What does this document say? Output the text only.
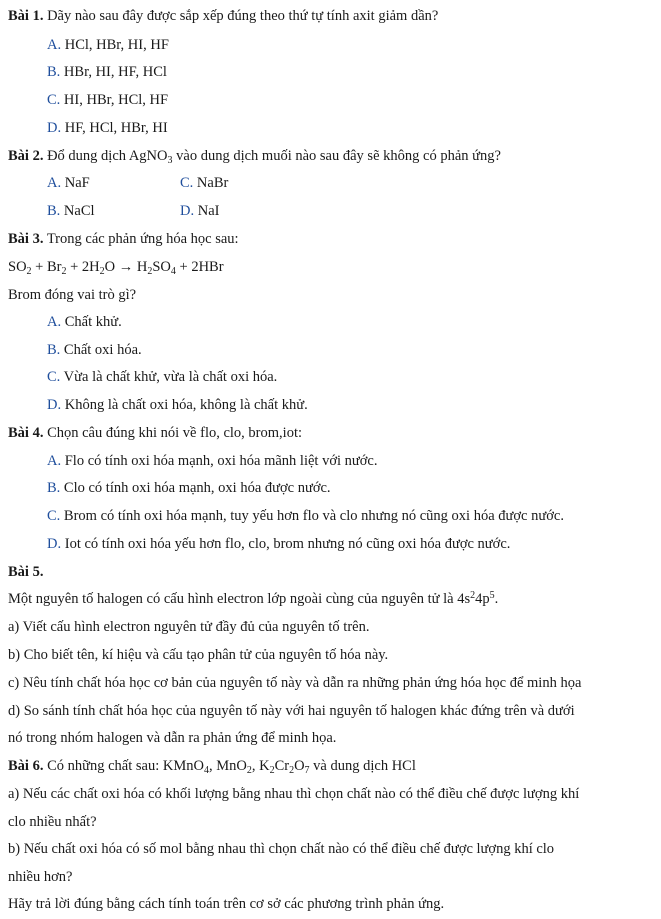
Bài 1. Dãy nào sau đây được sắp xếp đúng theo thứ tự tính axit giảm dần?
A. HCl, HBr, HI, HF
B. HBr, HI, HF, HCl
C. HI, HBr, HCl, HF
D. HF, HCl, HBr, HI
Bài 2. Đổ dung dịch AgNO$_3$ vào dung dịch muối nào sau đây sẽ không có phản ứng?
A. NaF	C. NaBr
B. NaCl	D. NaI
Bài 3. Trong các phản ứng hóa học sau:
$SO_2 + Br_2 + 2H_2O \to H_2SO_4 + 2HBr$
Brom đóng vai trò gì?
A. Chất khử.
B. Chất oxi hóa.
C. Vừa là chất khử, vừa là chất oxi hóa.
D. Không là chất oxi hóa, không là chất khử.
Bài 4. Chọn câu đúng khi nói về flo, clo, brom,iot:
A. Flo có tính oxi hóa mạnh, oxi hóa mãnh liệt với nước.
B. Clo có tính oxi hóa mạnh, oxi hóa được nước.
C. Brom có tính oxi hóa mạnh, tuy yếu hơn flo và clo nhưng nó cũng oxi hóa được nước.
D. Iot có tính oxi hóa yếu hơn flo, clo, brom nhưng nó cũng oxi hóa được nước.
Bài 5.
Một nguyên tố halogen có cấu hình electron lớp ngoài cùng của nguyên tử là $4s^24p^5$.
a) Viết cấu hình electron nguyên tử đầy đủ của nguyên tố trên.
b) Cho biết tên, kí hiệu và cấu tạo phân tử của nguyên tố hóa này.
c) Nêu tính chất hóa học cơ bản của nguyên tố này và dẫn ra những phản ứng hóa học để minh họa
d) So sánh tính chất hóa học của nguyên tố này với hai nguyên tố halogen khác đứng trên và dưới
nó trong nhóm halogen và dẫn ra phản ứng để minh họa.
Bài 6. Có những chất sau: KMnO$_4$, MnO$_2$, $K_2Cr_2O_7$ và dung dịch HCl
a) Nếu các chất oxi hóa có khối lượng bằng nhau thì chọn chất nào có thể điều chế được lượng khí
clo nhiều nhất?
b) Nếu chất oxi hóa có số mol bằng nhau thì chọn chất nào có thể điều chế được lượng khí clo
nhiều hơn?
Hãy trả lời đúng bằng cách tính toán trên cơ sở các phương trình phản ứng.
